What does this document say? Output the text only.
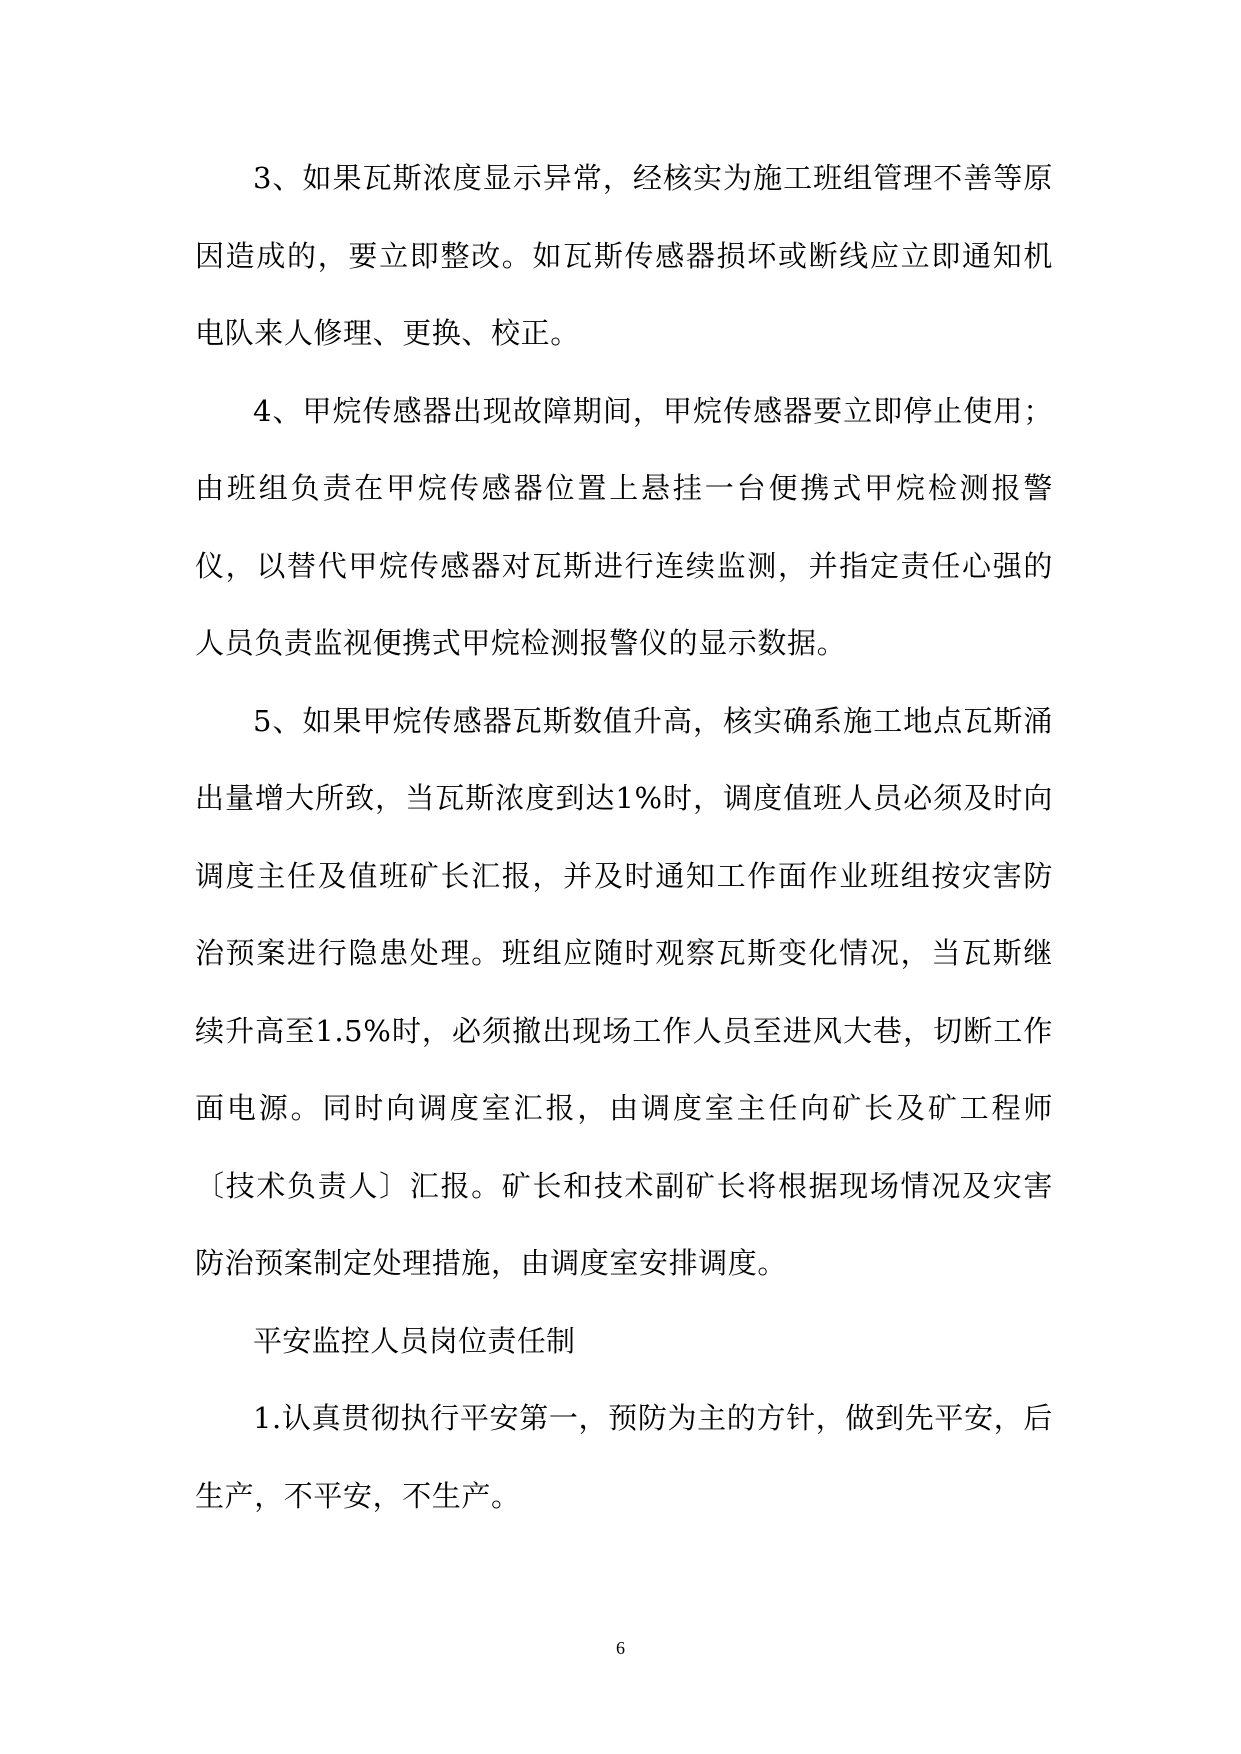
3、如果瓦斯浓度显示异常，经核实为施工班组管理不善等原因造成的，要立即整改。如瓦斯传感器损坏或断线应立即通知机电队来人修理、更换、校正。

4、甲烷传感器出现故障期间，甲烷传感器要立即停止使用；由班组负责在甲烷传感器位置上悬挂一台便携式甲烷检测报警仪，以替代甲烷传感器对瓦斯进行连续监测，并指定责任心强的人员负责监视便携式甲烷检测报警仪的显示数据。

5、如果甲烷传感器瓦斯数值升高，核实确系施工地点瓦斯涌出量增大所致，当瓦斯浓度到达1%时，调度值班人员必须及时向调度主任及值班矿长汇报，并及时通知工作面作业班组按灾害防治预案进行隐患处理。班组应随时观察瓦斯变化情况，当瓦斯继续升高至1.5%时，必须撤出现场工作人员至进风大巷，切断工作面电源。同时向调度室汇报，由调度室主任向矿长及矿工程师〔技术负责人〕汇报。矿长和技术副矿长将根据现场情况及灾害防治预案制定处理措施，由调度室安排调度。

平安监控人员岗位责任制

1.认真贯彻执行平安第一，预防为主的方针，做到先平安，后生产，不平安，不生产。

6
